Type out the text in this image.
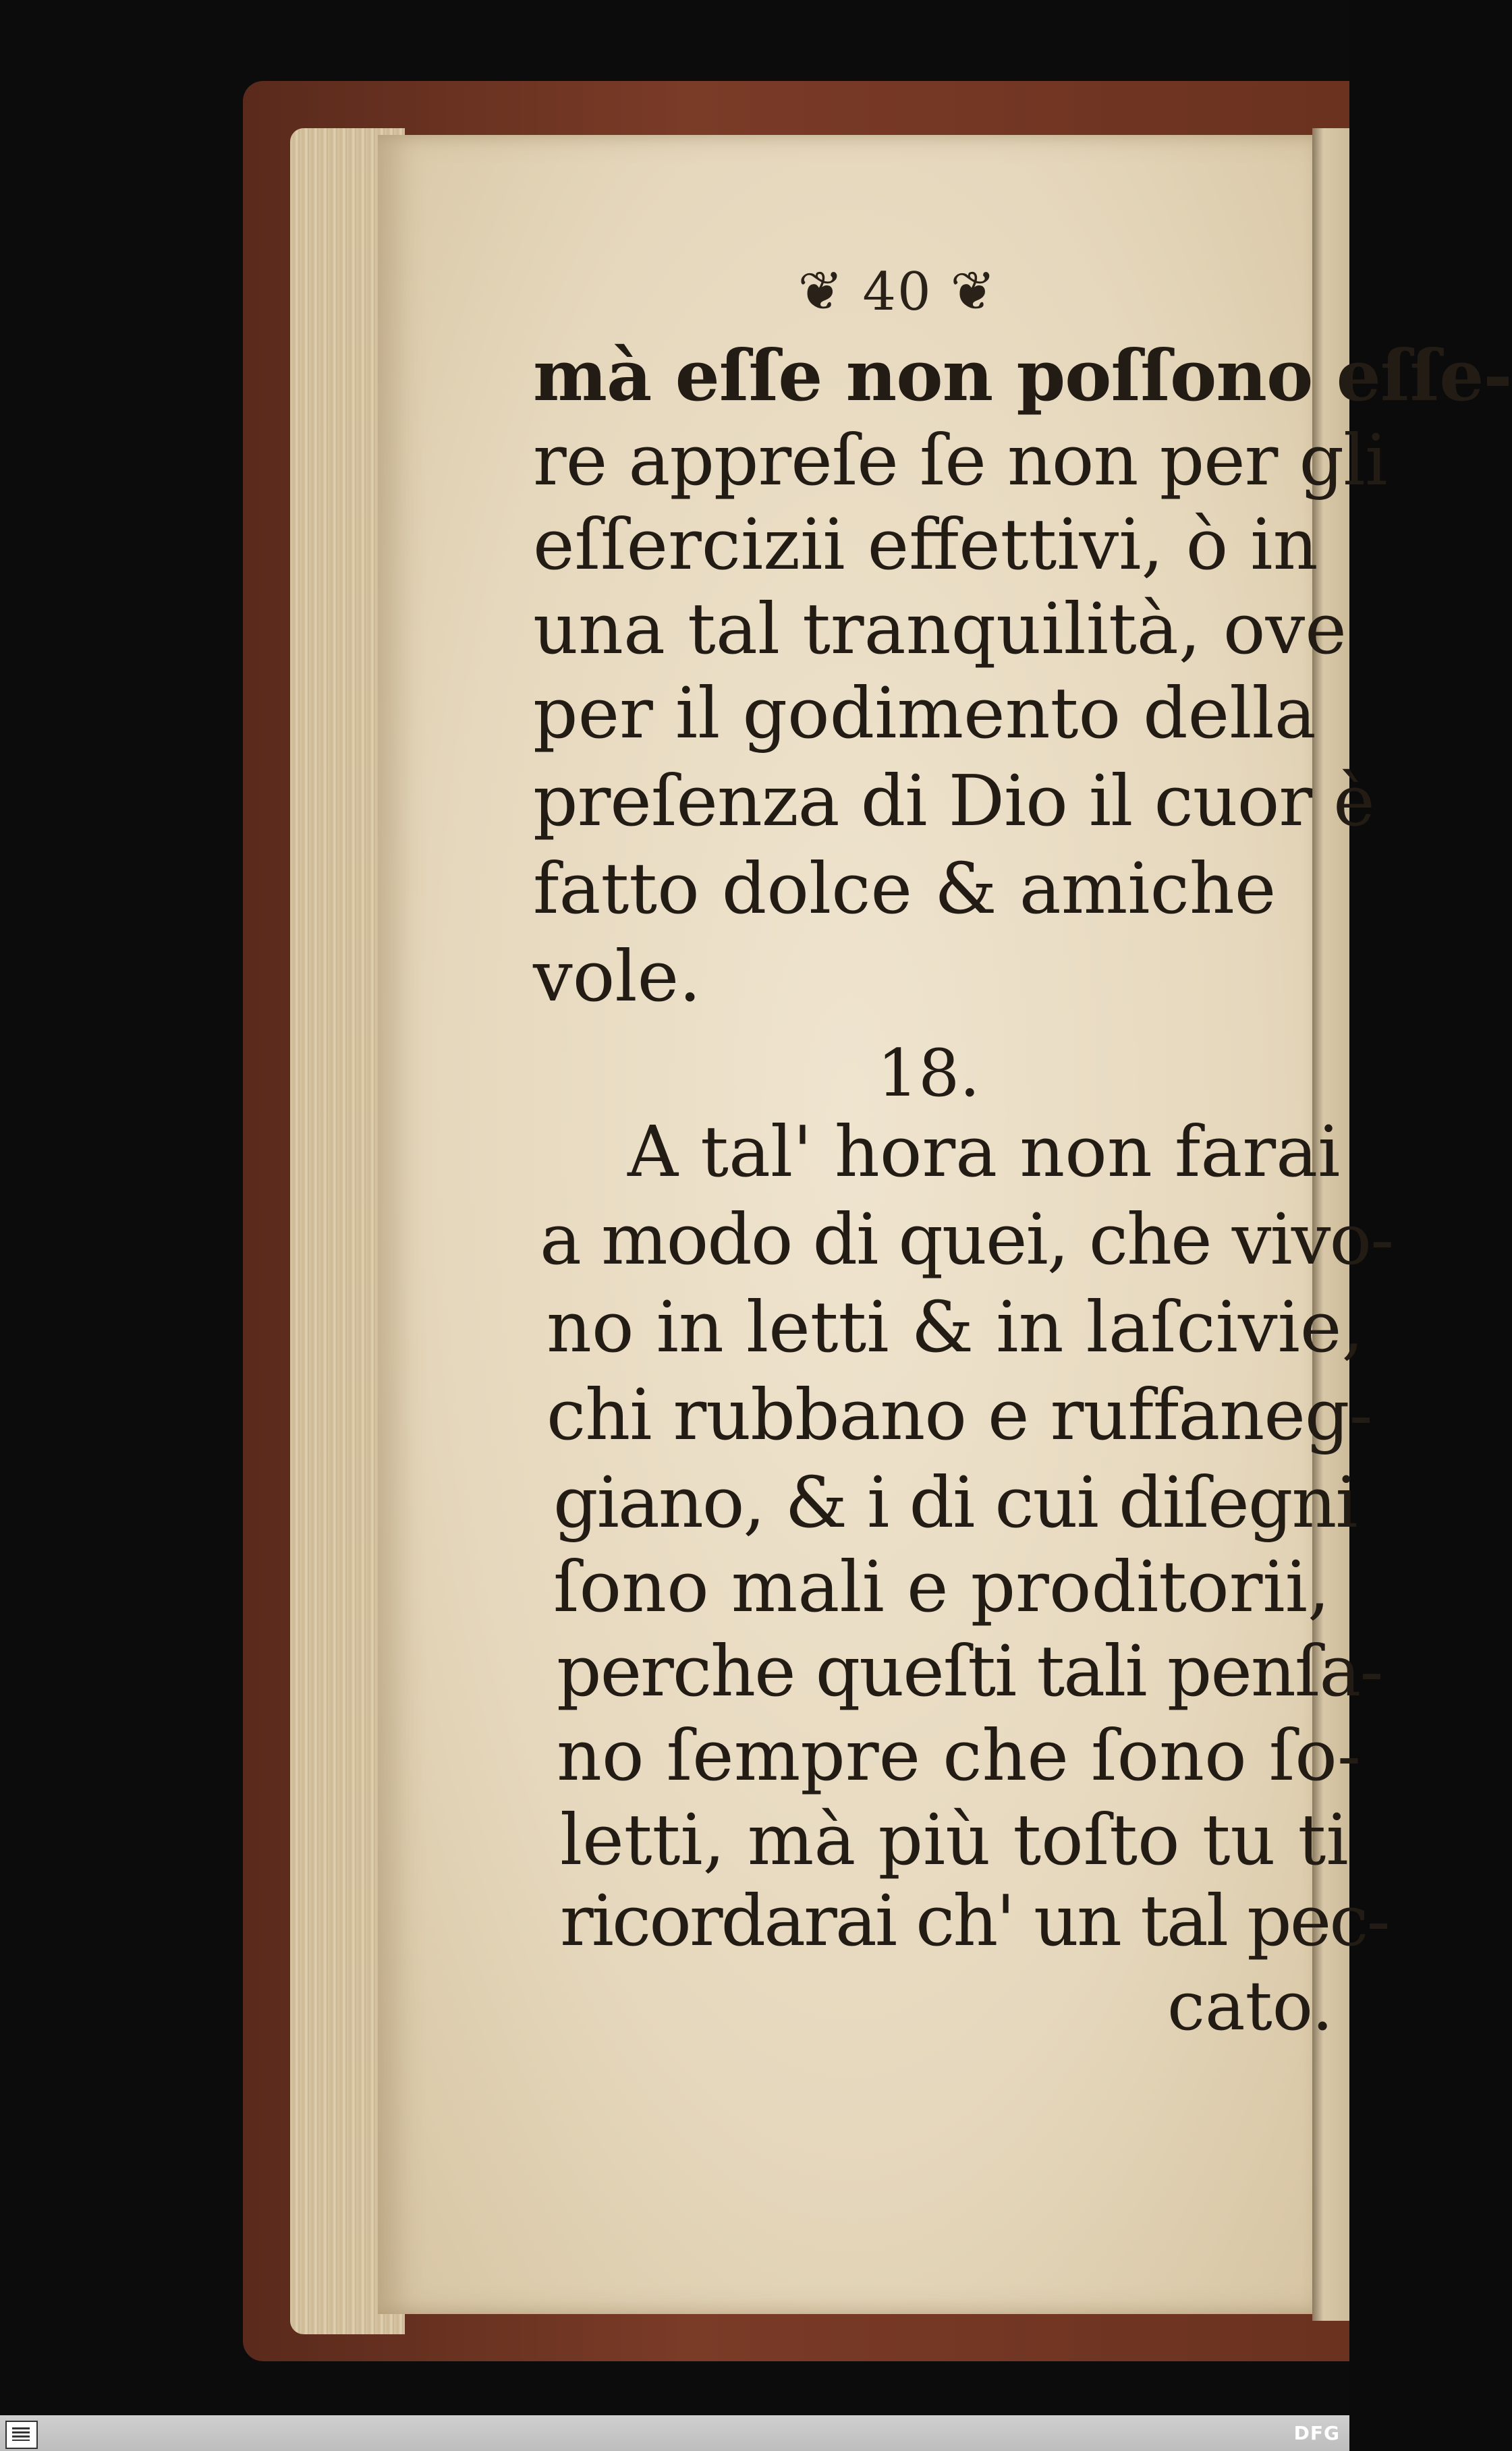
❦ 40 ❦
mà eſſe non poſſono eſſe-
re appreſe ſe non per gli
eſſercizii effettivi, ò in
una tal tranquilità, ove
per il godimento della
preſenza di Dio il cuor è
fatto dolce & amiche
vole.
18.
A tal' hora non farai
a modo di quei, che vivo-
no in letti & in laſcivie,
chi rubbano e ruffaneg-
giano, & i di cui diſegni
ſono mali e proditorii,
perche queſti tali penſa-
no ſempre che ſono ſo-
letti, mà più toſto tu ti
ricordarai ch' un tal pec-
cato.
DFG
